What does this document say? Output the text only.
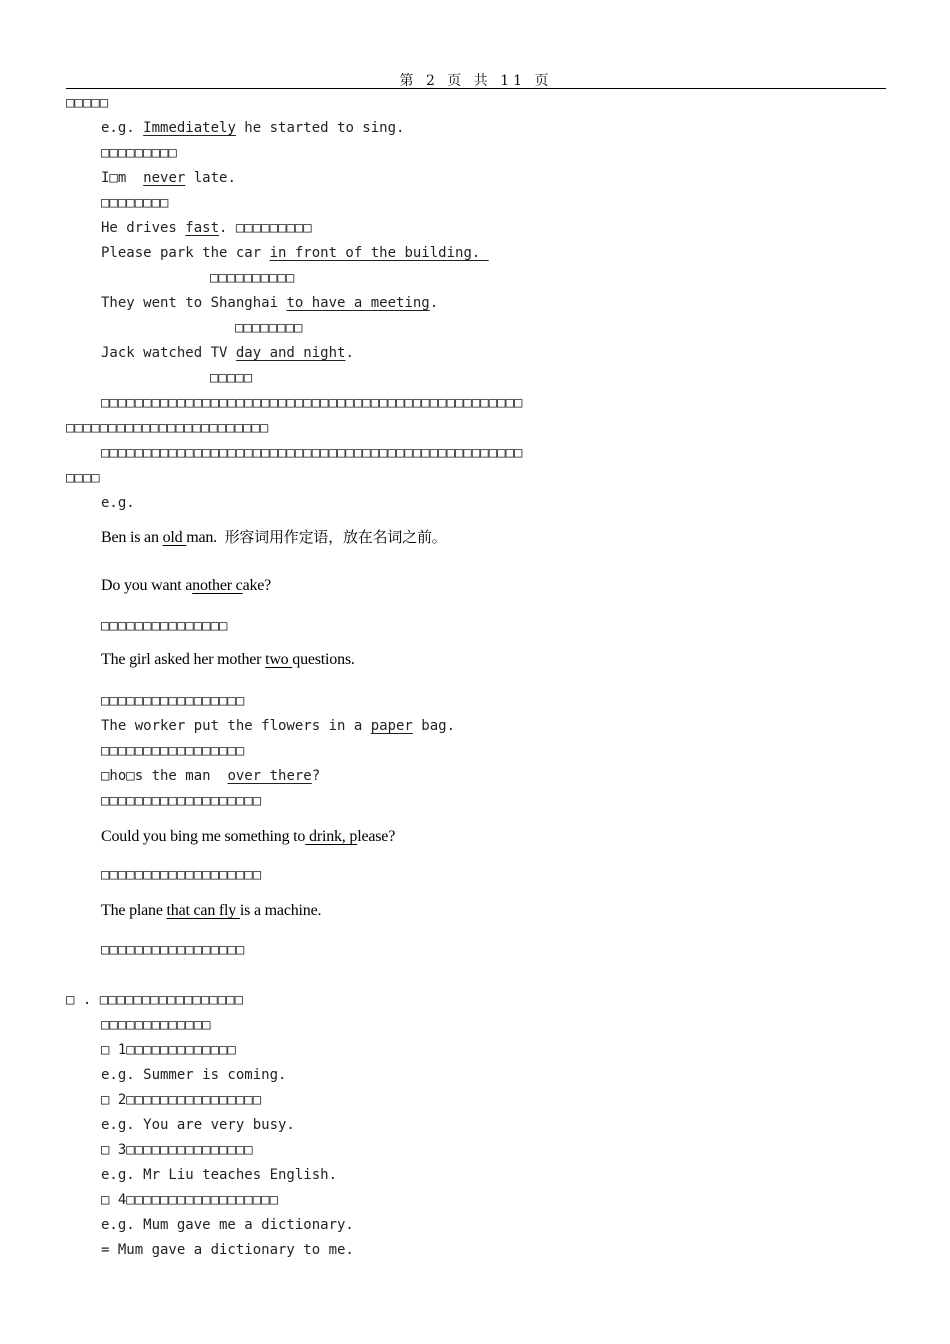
第 2 页 共 11 页
□□□□□
e.g. Immediately he started to sing.
□□□□□□□□□
I□m  never late.
□□□□□□□□
He drives fast. □□□□□□□□□
Please park the car in front of the building.
□□□□□□□□□□
They went to Shanghai to have a meeting.
□□□□□□□□
Jack watched TV day and night.
□□□□□
□□□□□□□□□□□□□□□□□□□□□□□□□□□□□□□□□□□□□□□□□□□□□□□□□□
□□□□□□□□□□□□□□□□□□□□□□□□
□□□□□□□□□□□□□□□□□□□□□□□□□□□□□□□□□□□□□□□□□□□□□□□□□□
□□□□
e.g.
Ben is an old man.  形容词用作定语，放在名词之前。
Do you want another cake?
□□□□□□□□□□□□□□□
The girl asked her mother two questions.
□□□□□□□□□□□□□□□□□
The worker put the flowers in a paper bag.
□□□□□□□□□□□□□□□□□
□ho□s the man  over there?
□□□□□□□□□□□□□□□□□□□
Could you bing me something to drink, please?
□□□□□□□□□□□□□□□□□□□
The plane that can fly is a machine.
□□□□□□□□□□□□□□□□□
□ . □□□□□□□□□□□□□□□□□
□□□□□□□□□□□□□
□ 1□□□□□□□□□□□□□
e.g. Summer is coming.
□ 2□□□□□□□□□□□□□□□□
e.g. You are very busy.
□ 3□□□□□□□□□□□□□□□
e.g. Mr Liu teaches English.
□ 4□□□□□□□□□□□□□□□□□□
e.g. Mum gave me a dictionary.
= Mum gave a dictionary to me.
